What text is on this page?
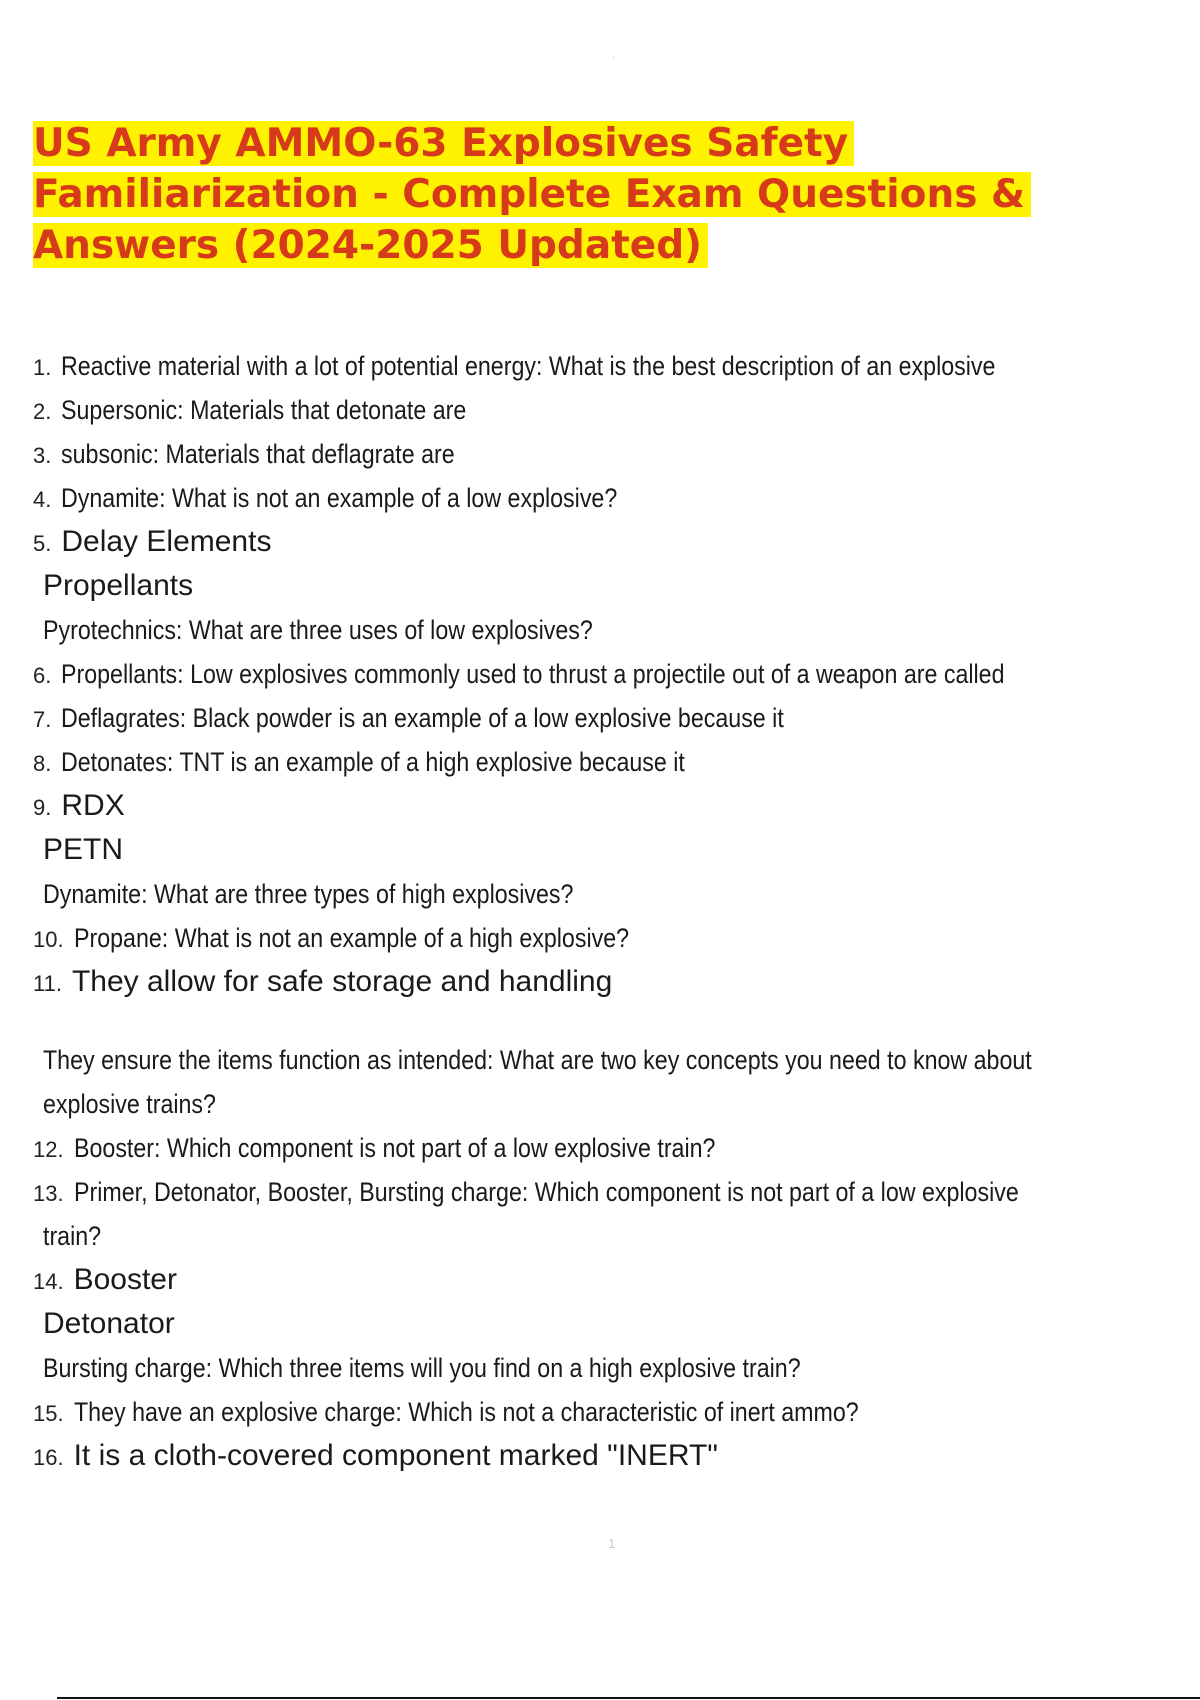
.
US Army AMMO-63 Explosives Safety Familiarization - Complete Exam Questions & Answers (2024-2025 Updated)
1. Reactive material with a lot of potential energy: What is the best description of an explosive
2. Supersonic: Materials that detonate are
3. subsonic: Materials that deflagrate are
4. Dynamite: What is not an example of a low explosive?
5. Delay Elements
Propellants
Pyrotechnics: What are three uses of low explosives?
6. Propellants: Low explosives commonly used to thrust a projectile out of a weapon are called
7. Deflagrates: Black powder is an example of a low explosive because it
8. Detonates: TNT is an example of a high explosive because it
9. RDX
PETN
Dynamite: What are three types of high explosives?
10. Propane: What is not an example of a high explosive?
11. They allow for safe storage and handling
They ensure the items function as intended: What are two key concepts you need to know about
explosive trains?
12. Booster: Which component is not part of a low explosive train?
13. Primer, Detonator, Booster, Bursting charge: Which component is not part of a low explosive
train?
14. Booster
Detonator
Bursting charge: Which three items will you find on a high explosive train?
15. They have an explosive charge: Which is not a characteristic of inert ammo?
16. It is a cloth-covered component marked "INERT"
1
